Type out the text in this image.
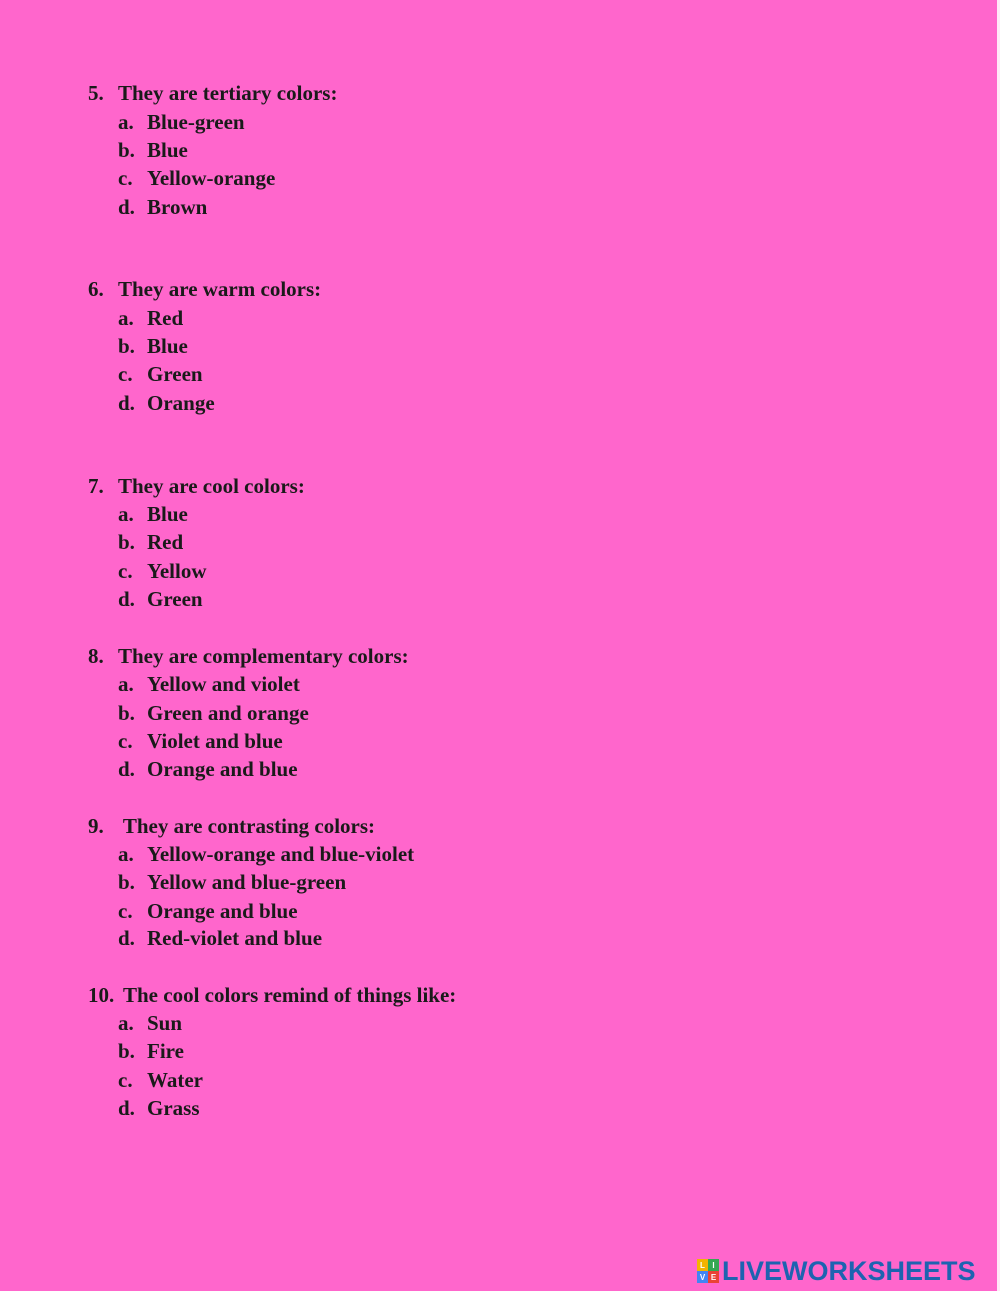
5. They are tertiary colors:
a. Blue-green
b. Blue
c. Yellow-orange
d. Brown
6. They are warm colors:
a. Red
b. Blue
c. Green
d. Orange
7. They are cool colors:
a. Blue
b. Red
c. Yellow
d. Green
8. They are complementary colors:
a. Yellow and violet
b. Green and orange
c. Violet and blue
d. Orange and blue
9. They are contrasting colors:
a. Yellow-orange and blue-violet
b. Yellow and blue-green
c. Orange and blue
d. Red-violet and blue
10. The cool colors remind of things like:
a. Sun
b. Fire
c. Water
d. Grass
L I
V E LIVEWORKSHEETS
